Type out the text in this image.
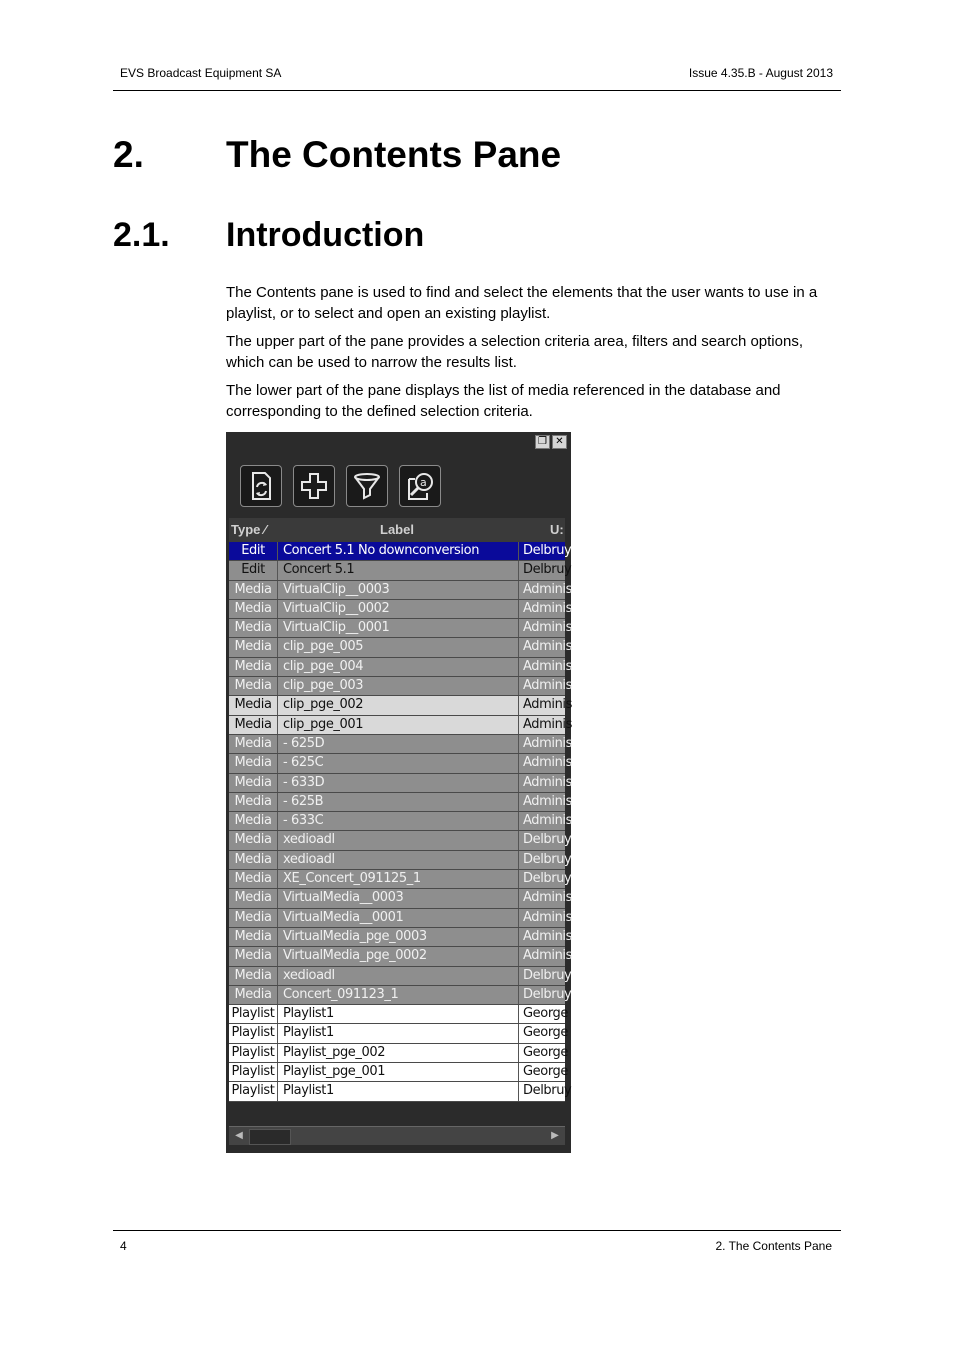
EVS Broadcast Equipment SA	Issue 4.35.B - August 2013
2. The Contents Pane
2.1. Introduction

The Contents pane is used to find and select the elements that the user wants to use in a playlist, or to select and open an existing playlist.

The upper part of the pane provides a selection criteria area, filters and search options, which can be used to narrow the results list.

The lower part of the pane displays the list of media referenced in the database and corresponding to the defined selection criteria.

❐ ✕
a
Type ⁄	Label	U:
Edit	Concert 5.1 No downconversion	Delbruy
Edit	Concert 5.1	Delbruy
Media VirtualClip__0003	Adminis
Media VirtualClip__0002	Adminis
Media VirtualClip__0001	Adminis
Media clip_pge_005	Adminis
Media clip_pge_004	Adminis
Media clip_pge_003	Adminis
Media clip_pge_002	Adminis
Media clip_pge_001	Adminis
Media - 625D	Adminis
Media - 625C	Adminis
Media - 633D	Adminis
Media - 625B	Adminis
Media - 633C	Adminis
Media xedioadl	Delbruy
Media xedioadl	Delbruy
Media XE_Concert_091125_1	Delbruy
Media VirtualMedia__0003	Adminis
Media VirtualMedia__0001	Adminis
Media VirtualMedia_pge_0003	Adminis
Media VirtualMedia_pge_0002	Adminis
Media xedioadl	Delbruy
Media Concert_091123_1	Delbruy
Playlist Playlist1	George
Playlist Playlist1	George
Playlist Playlist_pge_002	George
Playlist Playlist_pge_001	George
Playlist Playlist1	Delbruy
◀	▶
4	2. The Contents Pane
